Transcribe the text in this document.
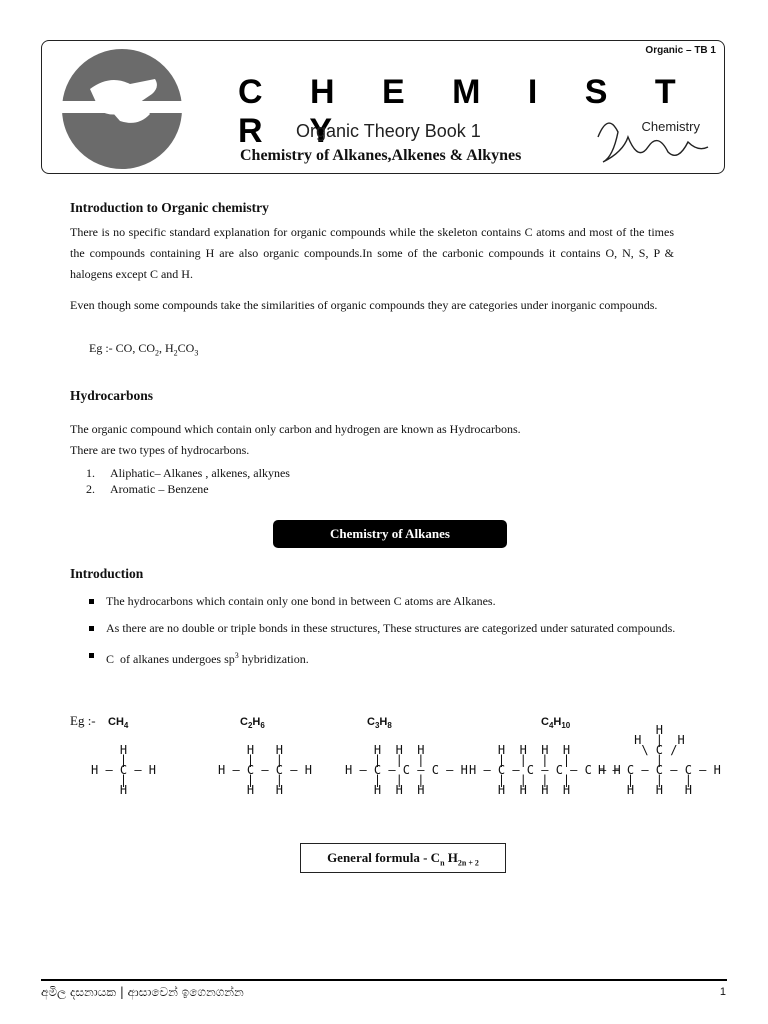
Organic – TB 1
C H E M I S T R Y
Organic Theory Book 1
Chemistry of Alkanes,Alkenes & Alkynes
Chemistry
Introduction to Organic chemistry
There is no specific standard explanation for organic compounds while the skeleton contains C atoms and most of the times the compounds containing H are also organic compounds.In some of the carbonic compounds it contains O, N, S, P & halogens except C and H.
Even though some compounds take the similarities of organic compounds they are categories under inorganic compounds.
Eg :- CO, $CO_2$, $H_2CO_3$
Hydrocarbons
The organic compound which contain only carbon and hydrogen are known as Hydrocarbons.
There are two types of hydrocarbons.
1.	Aliphatic– Alkanes , alkenes, alkynes
2.	Aromatic – Benzene
Chemistry of Alkanes
Introduction
The hydrocarbons which contain only one bond in between C atoms are Alkanes.
As there are no double or triple bonds in these structures, These structures are categorized under saturated compounds.
C  of alkanes undergoes $sp^3$ hybridization.
Eg :- $CH_4$
H
|
H – C – H
|
H
$C_2H_6$
H   H
|   |
H – C – C – H
|   |
H   H
$C_3H_8$
H  H  H
|  |  |
H – C – C – C – H
|  |  |
H  H  H
$C_4H_{10}$
H  H  H  H
|  |  |  |
H – C – C – C – C – H
|  |  |  |
H  H  H  H
H
H  |  H
\ C /
|
H – C – C – C – H
|   |   |
H   H   H
General formula - $C_n$ $H_{2n + 2}$
අමිල දසනායක | ආසාවෙන් ඉගෙනගන්න	1
